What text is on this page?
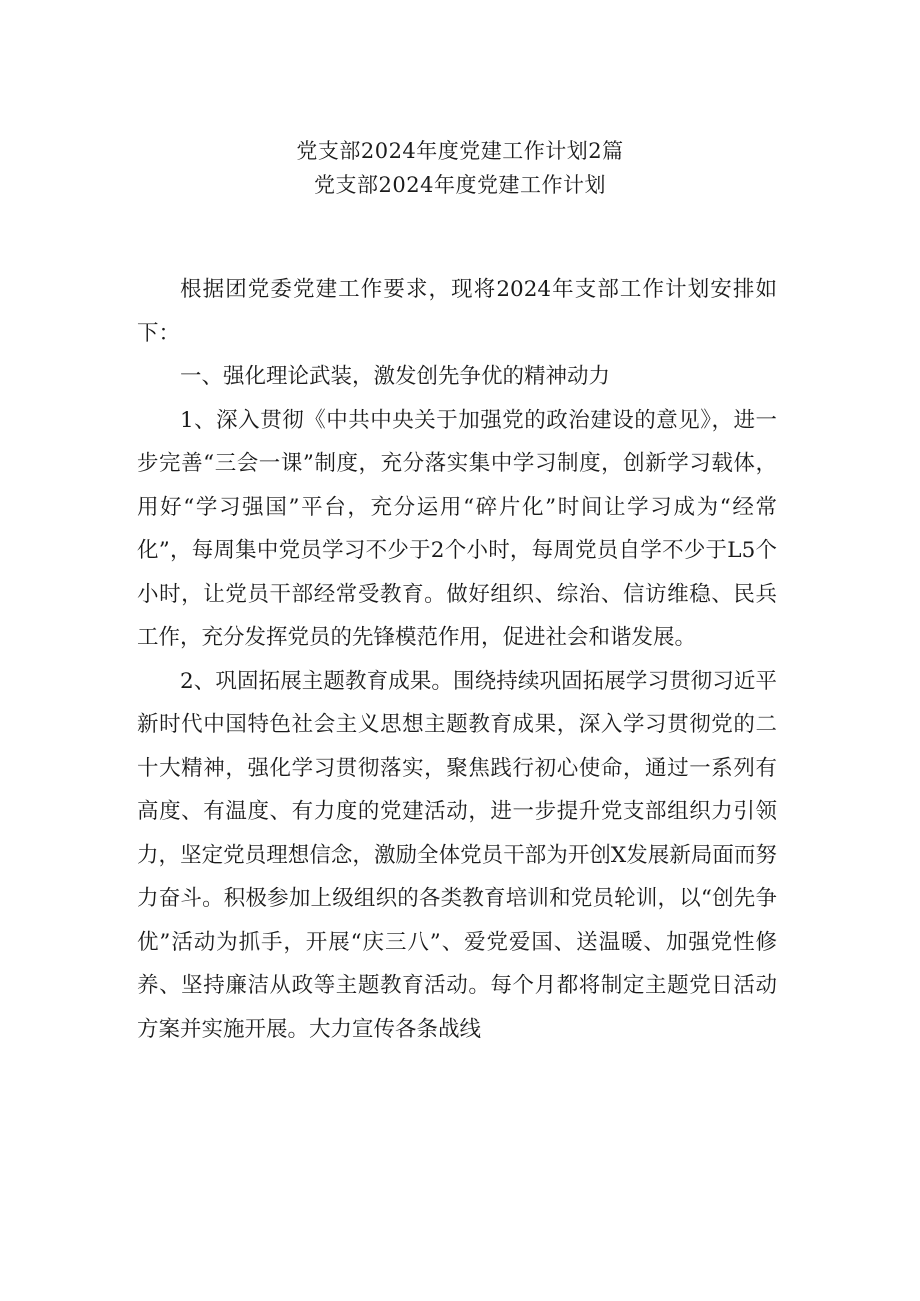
党支部2024年度党建工作计划2篇
党支部2024年度党建工作计划

根据团党委党建工作要求，现将2024年支部工作计划安排如下：

一、强化理论武装，激发创先争优的精神动力

1、深入贯彻《中共中央关于加强党的政治建设的意见》，进一步完善“三会一课”制度，充分落实集中学习制度，创新学习载体，用好“学习强国”平台，充分运用“碎片化”时间让学习成为“经常化”，每周集中党员学习不少于2个小时，每周党员自学不少于L5个小时，让党员干部经常受教育。做好组织、综治、信访维稳、民兵工作，充分发挥党员的先锋模范作用，促进社会和谐发展。

2、巩固拓展主题教育成果。围绕持续巩固拓展学习贯彻习近平新时代中国特色社会主义思想主题教育成果，深入学习贯彻党的二十大精神，强化学习贯彻落实，聚焦践行初心使命，通过一系列有高度、有温度、有力度的党建活动，进一步提升党支部组织力引领力，坚定党员理想信念，激励全体党员干部为开创X发展新局面而努力奋斗。积极参加上级组织的各类教育培训和党员轮训，以“创先争优”活动为抓手，开展“庆三八”、爱党爱国、送温暖、加强党性修养、坚持廉洁从政等主题教育活动。每个月都将制定主题党日活动方案并实施开展。大力宣传各条战线
